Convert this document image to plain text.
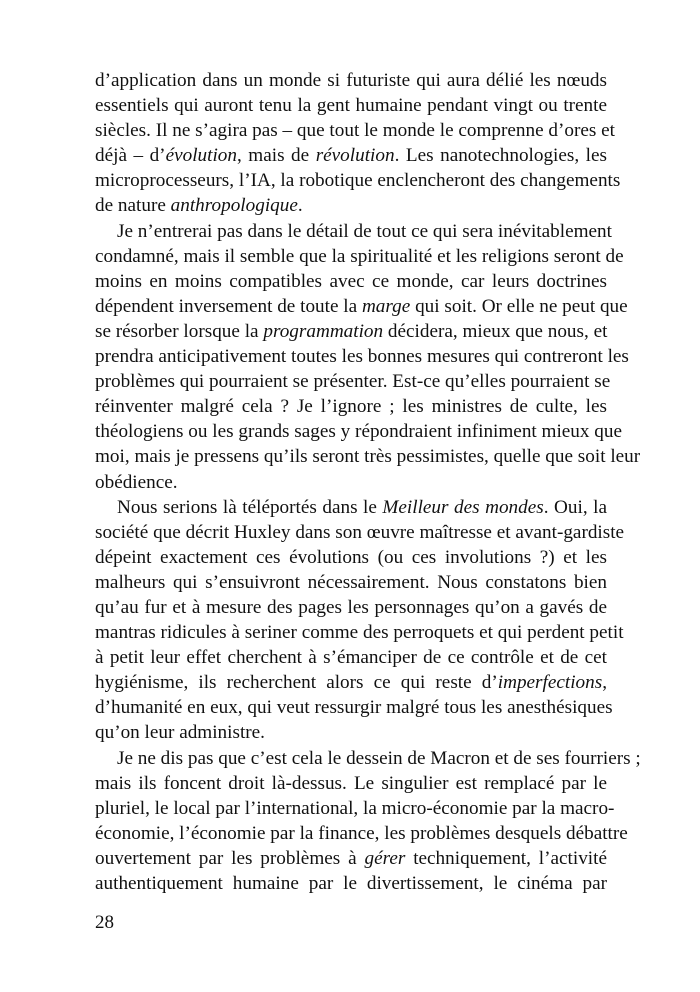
d’application dans un monde si futuriste qui aura délié les nœuds
essentiels qui auront tenu la gent humaine pendant vingt ou trente
siècles. Il ne s’agira pas – que tout le monde le comprenne d’ores et
déjà – d’évolution, mais de révolution. Les nanotechnologies, les
microprocesseurs, l’IA, la robotique enclencheront des changements
de nature anthropologique.
Je n’entrerai pas dans le détail de tout ce qui sera inévitablement
condamné, mais il semble que la spiritualité et les religions seront de
moins en moins compatibles avec ce monde, car leurs doctrines
dépendent inversement de toute la marge qui soit. Or elle ne peut que
se résorber lorsque la programmation décidera, mieux que nous, et
prendra anticipativement toutes les bonnes mesures qui contreront les
problèmes qui pourraient se présenter. Est-ce qu’elles pourraient se
réinventer malgré cela ? Je l’ignore ; les ministres de culte, les
théologiens ou les grands sages y répondraient infiniment mieux que
moi, mais je pressens qu’ils seront très pessimistes, quelle que soit leur
obédience.
Nous serions là téléportés dans le Meilleur des mondes. Oui, la
société que décrit Huxley dans son œuvre maîtresse et avant-gardiste
dépeint exactement ces évolutions (ou ces involutions ?) et les
malheurs qui s’ensuivront nécessairement. Nous constatons bien
qu’au fur et à mesure des pages les personnages qu’on a gavés de
mantras ridicules à seriner comme des perroquets et qui perdent petit
à petit leur effet cherchent à s’émanciper de ce contrôle et de cet
hygiénisme, ils recherchent alors ce qui reste d’imperfections,
d’humanité en eux, qui veut ressurgir malgré tous les anesthésiques
qu’on leur administre.
Je ne dis pas que c’est cela le dessein de Macron et de ses fourriers ;
mais ils foncent droit là-dessus. Le singulier est remplacé par le
pluriel, le local par l’international, la micro-économie par la macro-
économie, l’économie par la finance, les problèmes desquels débattre
ouvertement par les problèmes à gérer techniquement, l’activité
authentiquement humaine par le divertissement, le cinéma par
28
